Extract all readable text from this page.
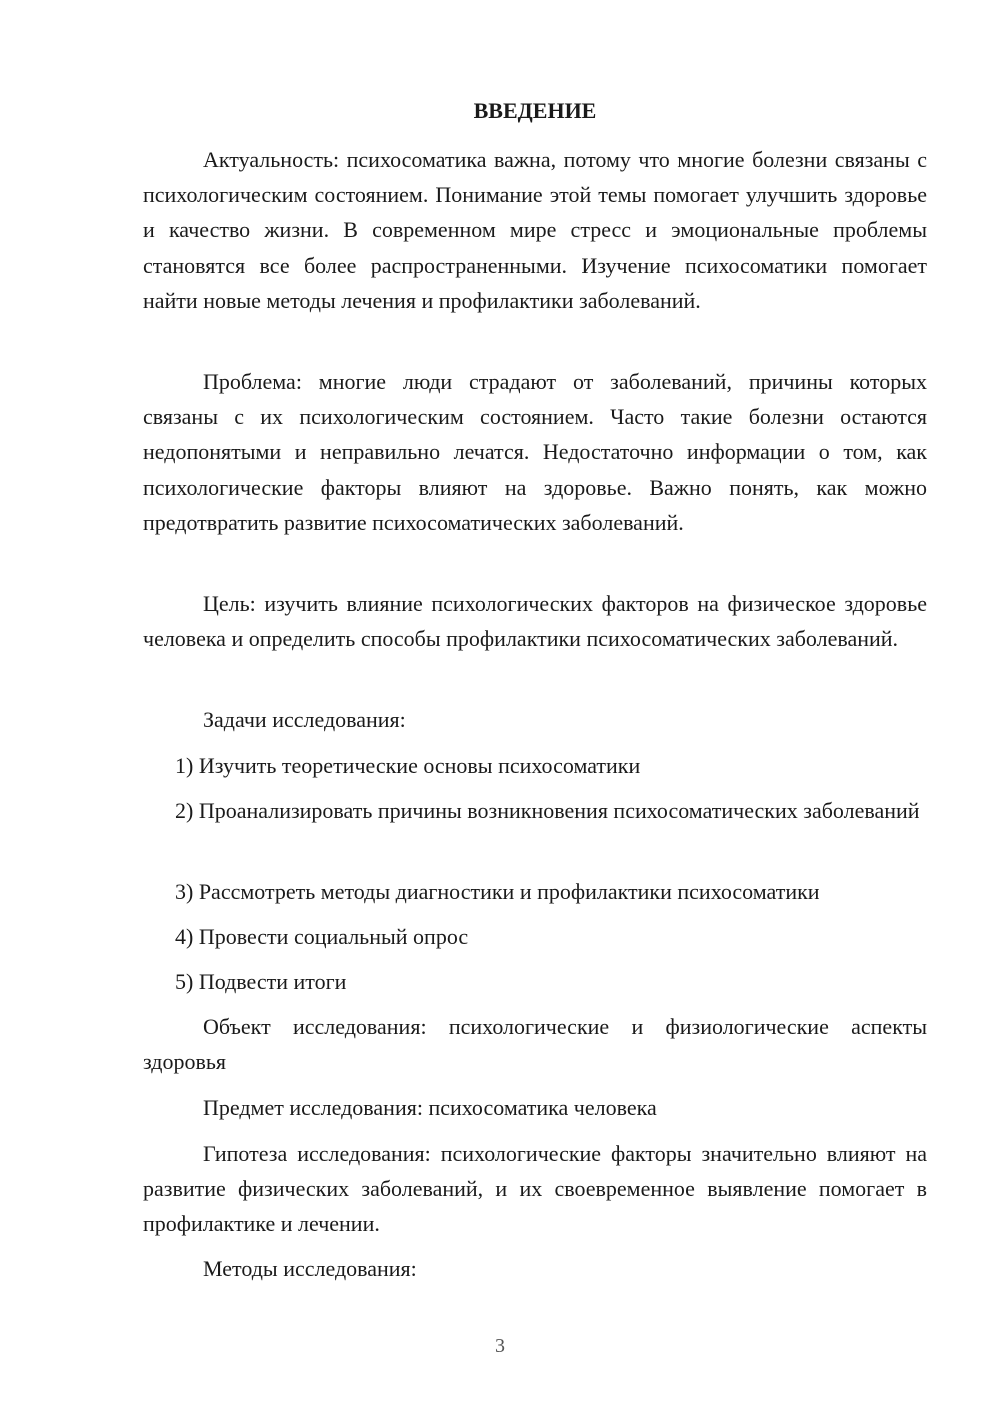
ВВЕДЕНИЕ

Актуальность: психосоматика важна, потому что многие болезни связаны с психологическим состоянием. Понимание этой темы помогает улучшить здоровье и качество жизни. В современном мире стресс и эмоциональные проблемы становятся все более распространенными. Изучение психосоматики помогает найти новые методы лечения и профилактики заболеваний.

Проблема: многие люди страдают от заболеваний, причины которых связаны с их психологическим состоянием. Часто такие болезни остаются недопонятыми и неправильно лечатся. Недостаточно информации о том, как психологические факторы влияют на здоровье. Важно понять, как можно предотвратить развитие психосоматических заболеваний.

Цель: изучить влияние психологических факторов на физическое здоровье человека и определить способы профилактики психосоматических заболеваний.

Задачи исследования:

1) Изучить теоретические основы психосоматики

2) Проанализировать причины возникновения психосоматических заболеваний

3) Рассмотреть методы диагностики и профилактики психосоматики

4) Провести социальный опрос

5) Подвести итоги

Объект исследования: психологические и физиологические аспекты здоровья

Предмет исследования: психосоматика человека

Гипотеза исследования: психологические факторы значительно влияют на развитие физических заболеваний, и их своевременное выявление помогает в профилактике и лечении.

Методы исследования:

3
